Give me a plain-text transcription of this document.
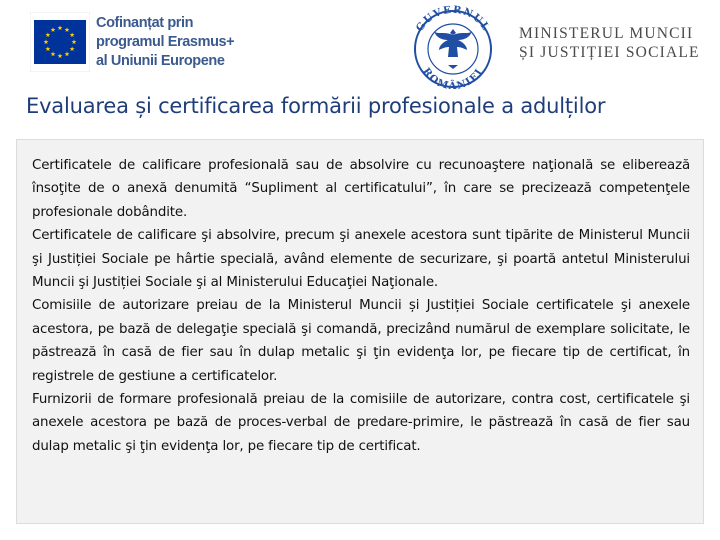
Cofinanțat prin
programul Erasmus+
al Uniunii Europene
GUVERNUL
ROMÂNIEI
MINISTERUL MUNCII
ȘI JUSTIȚIEI SOCIALE
Evaluarea și certificarea formării profesionale a adulților

Certificatele de calificare profesională sau de absolvire cu recunoaştere naţională se eliberează însoţite de o anexă denumită “Supliment al certificatului”, în care se precizează competenţele profesionale dobândite.

Certificatele de calificare şi absolvire, precum şi anexele acestora sunt tipărite de Ministerul Muncii şi Justiției Sociale pe hârtie specială, având elemente de securizare, şi poartă antetul Ministerului Muncii şi Justiției Sociale şi al Ministerului Educaţiei Naţionale.

Comisiile de autorizare preiau de la Ministerul Muncii și Justiției Sociale certificatele şi anexele acestora, pe bază de delegaţie specială şi comandă, precizând numărul de exemplare solicitate, le păstrează în casă de fier sau în dulap metalic şi ţin evidenţa lor, pe fiecare tip de certificat, în registrele de gestiune a certificatelor.

Furnizorii de formare profesională preiau de la comisiile de autorizare, contra cost, certificatele şi anexele acestora pe bază de proces-verbal de predare-primire, le păstrează în casă de fier sau dulap metalic şi ţin evidenţa lor, pe fiecare tip de certificat.
